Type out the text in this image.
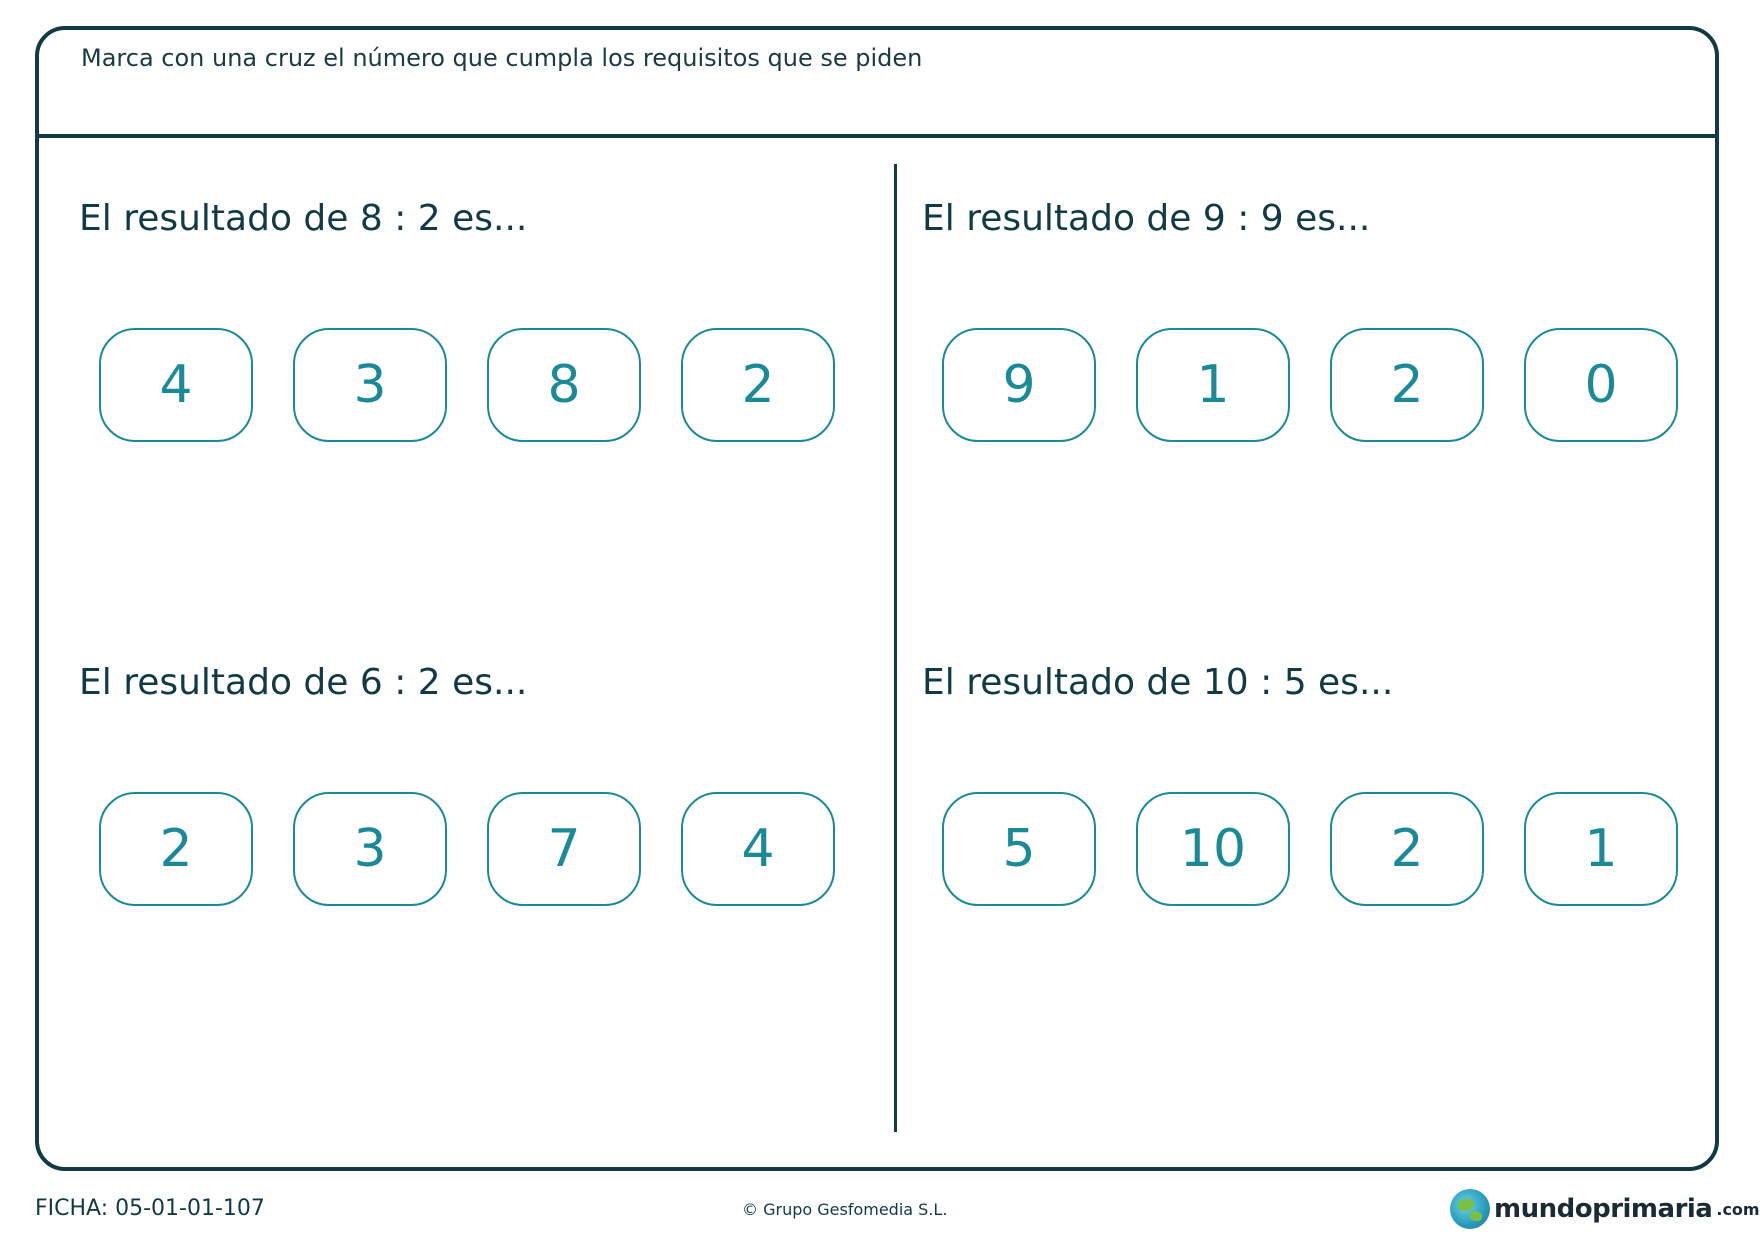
Marca con una cruz el número que cumpla los requisitos que se piden
El resultado de 8 : 2 es...
4	3	8	2
El resultado de 9 : 9 es...
9	1	2	0
El resultado de 6 : 2 es...
2	3	7	4
El resultado de 10 : 5 es...
5	10	2	1
FICHA: 05-01-01-107	© Grupo Gesfomedia S.L.	mundoprimaria .com
